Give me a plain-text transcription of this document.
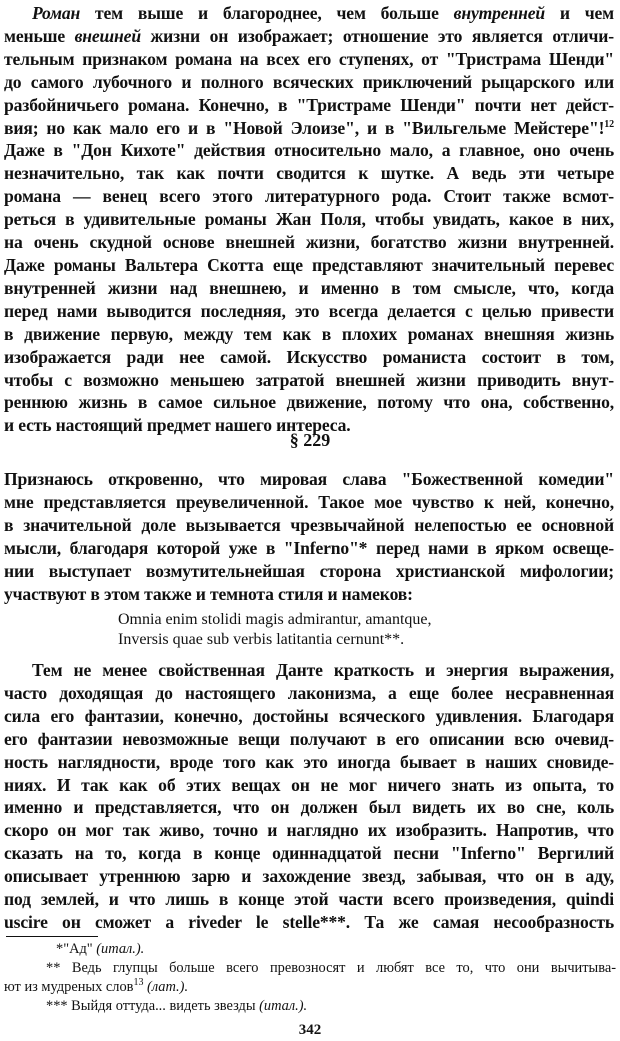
Роман тем выше и благороднее, чем больше внутренней и чем
меньше внешней жизни он изображает; отношение это является отличи-
тельным признаком романа на всех его ступенях, от "Тристрама Шенди"
до самого лубочного и полного всяческих приключений рыцарского или
разбойничьего романа. Конечно, в "Тристраме Шенди" почти нет дейст-
вия; но как мало его и в "Новой Элоизе", и в "Вильгельме Мейстере"!$^{12}$
Даже в "Дон Кихоте" действия относительно мало, а главное, оно очень
незначительно, так как почти сводится к шутке. А ведь эти четыре
романа — венец всего этого литературного рода. Стоит также всмот-
реться в удивительные романы Жан Поля, чтобы увидать, какое в них,
на очень скудной основе внешней жизни, богатство жизни внутренней.
Даже романы Вальтера Скотта еще представляют значительный перевес
внутренней жизни над внешнею, и именно в том смысле, что, когда
перед нами выводится последняя, это всегда делается с целью привести
в движение первую, между тем как в плохих романах внешняя жизнь
изображается ради нее самой. Искусство романиста состоит в том,
чтобы с возможно меньшею затратой внешней жизни приводить внут-
реннюю жизнь в самое сильное движение, потому что она, собственно,
и есть настоящий предмет нашего интереса.
§ 229
Признаюсь откровенно, что мировая слава "Божественной комедии"
мне представляется преувеличенной. Такое мое чувство к ней, конечно,
в значительной доле вызывается чрезвычайной нелепостью ее основной
мысли, благодаря которой уже в "Inferno"* перед нами в ярком освеще-
нии выступает возмутительнейшая сторона христианской мифологии;
участвуют в этом также и темнота стиля и намеков:
Omnia enim stolidi magis admirantur, amantque,
Inversis quae sub verbis latitantia cernunt**.
Тем не менее свойственная Данте краткость и энергия выражения,
часто доходящая до настоящего лаконизма, а еще более несравненная
сила его фантазии, конечно, достойны всяческого удивления. Благодаря
его фантазии невозможные вещи получают в его описании всю очевид-
ность наглядности, вроде того как это иногда бывает в наших сновиде-
ниях. И так как об этих вещах он не мог ничего знать из опыта, то
именно и представляется, что он должен был видеть их во сне, коль
скоро он мог так живо, точно и наглядно их изобразить. Напротив, что
сказать на то, когда в конце одиннадцатой песни "Inferno" Вергилий
описывает утреннюю зарю и захождение звезд, забывая, что он в аду,
под землей, и что лишь в конце этой части всего произведения, quindi
uscire он сможет a riveder le stelle***. Та же самая несообразность
*"Ад" (итал.).
** Ведь глупцы больше всего превозносят и любят все то, что они вычитыва-
ют из мудреных слов$^{13}$ (лат.).
*** Выйдя оттуда... видеть звезды (итал.).
342
